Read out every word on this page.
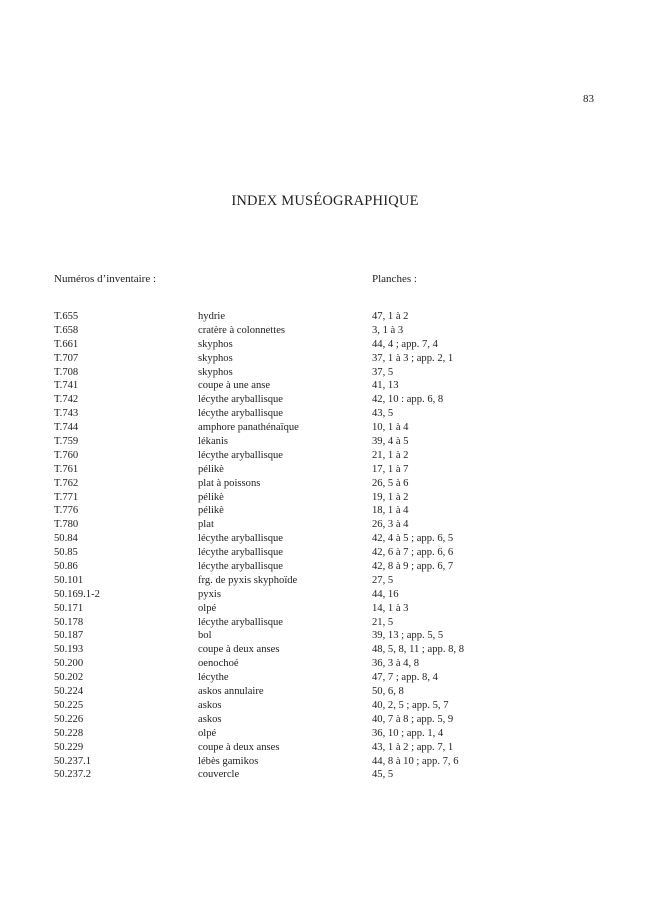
83
INDEX MUSÉOGRAPHIQUE
Numéros d’inventaire :	Planches :
T.655	hydrie	47, 1 à 2
T.658	cratère à colonnettes	3, 1 à 3
T.661	skyphos	44, 4 ; app. 7, 4
T.707	skyphos	37, 1 à 3 ; app. 2, 1
T.708	skyphos	37, 5
T.741	coupe à une anse	41, 13
T.742	lécythe aryballisque	42, 10 : app. 6, 8
T.743	lécythe aryballisque	43, 5
T.744	amphore panathénaïque	10, 1 à 4
T.759	lékanis	39, 4 à 5
T.760	lécythe aryballisque	21, 1 à 2
T.761	pélikè	17, 1 à 7
T.762	plat à poissons	26, 5 à 6
T.771	pélikè	19, 1 à 2
T.776	pélikè	18, 1 à 4
T.780	plat	26, 3 à 4
50.84	lécythe aryballisque	42, 4 à 5 ; app. 6, 5
50.85	lécythe aryballisque	42, 6 à 7 ; app. 6, 6
50.86	lécythe aryballisque	42, 8 à 9 ; app. 6, 7
50.101	frg. de pyxis skyphoïde	27, 5
50.169.1-2	pyxis	44, 16
50.171	olpé	14, 1 à 3
50.178	lécythe aryballisque	21, 5
50.187	bol	39, 13 ; app. 5, 5
50.193	coupe à deux anses	48, 5, 8, 11 ; app. 8, 8
50.200	oenochoé	36, 3 à 4, 8
50.202	lécythe	47, 7 ; app. 8, 4
50.224	askos annulaire	50, 6, 8
50.225	askos	40, 2, 5 ; app. 5, 7
50.226	askos	40, 7 à 8 ; app. 5, 9
50.228	olpé	36, 10 ; app. 1, 4
50.229	coupe à deux anses	43, 1 à 2 ; app. 7, 1
50.237.1	lébès gamikos	44, 8 à 10 ; app. 7, 6
50.237.2	couvercle	45, 5
